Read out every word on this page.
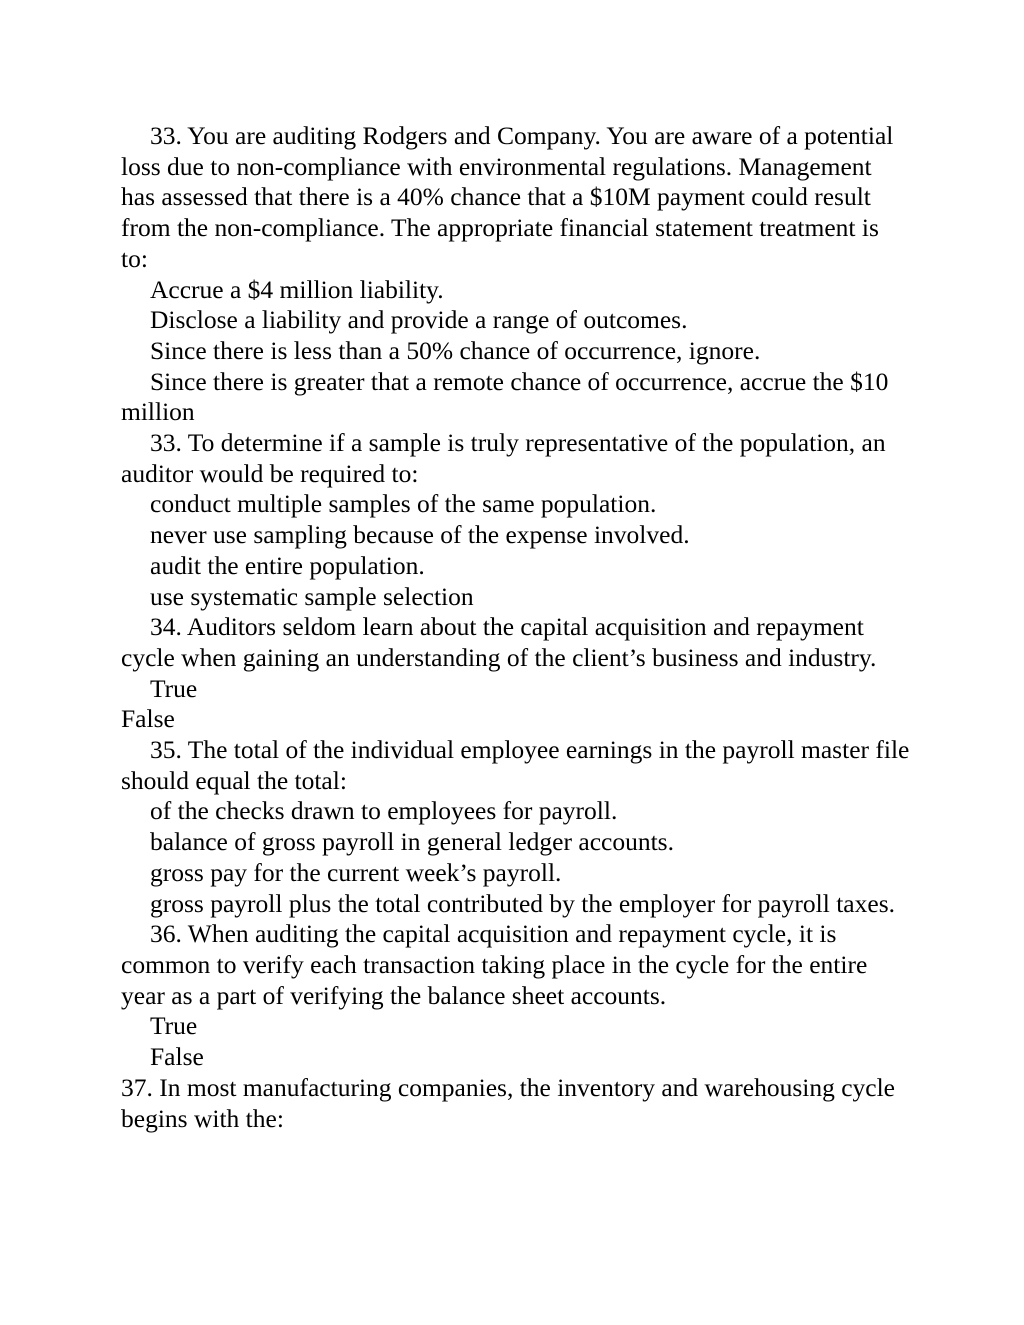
33. You are auditing Rodgers and Company. You are aware of a potential loss due to non-compliance with environmental regulations. Management has assessed that there is a 40% chance that a $10M payment could result from the non-compliance. The appropriate financial statement treatment is to:

Accrue a $4 million liability.

Disclose a liability and provide a range of outcomes.

Since there is less than a 50% chance of occurrence, ignore.

Since there is greater that a remote chance of occurrence, accrue the $10 million

33. To determine if a sample is truly representative of the population, an auditor would be required to:

conduct multiple samples of the same population.

never use sampling because of the expense involved.

audit the entire population.

use systematic sample selection

34. Auditors seldom learn about the capital acquisition and repayment cycle when gaining an understanding of the client’s business and industry.

True

False

35. The total of the individual employee earnings in the payroll master file should equal the total:

of the checks drawn to employees for payroll.

balance of gross payroll in general ledger accounts.

gross pay for the current week’s payroll.

gross payroll plus the total contributed by the employer for payroll taxes.

36. When auditing the capital acquisition and repayment cycle, it is common to verify each transaction taking place in the cycle for the entire year as a part of verifying the balance sheet accounts.

True

False

37. In most manufacturing companies, the inventory and warehousing cycle begins with the:
